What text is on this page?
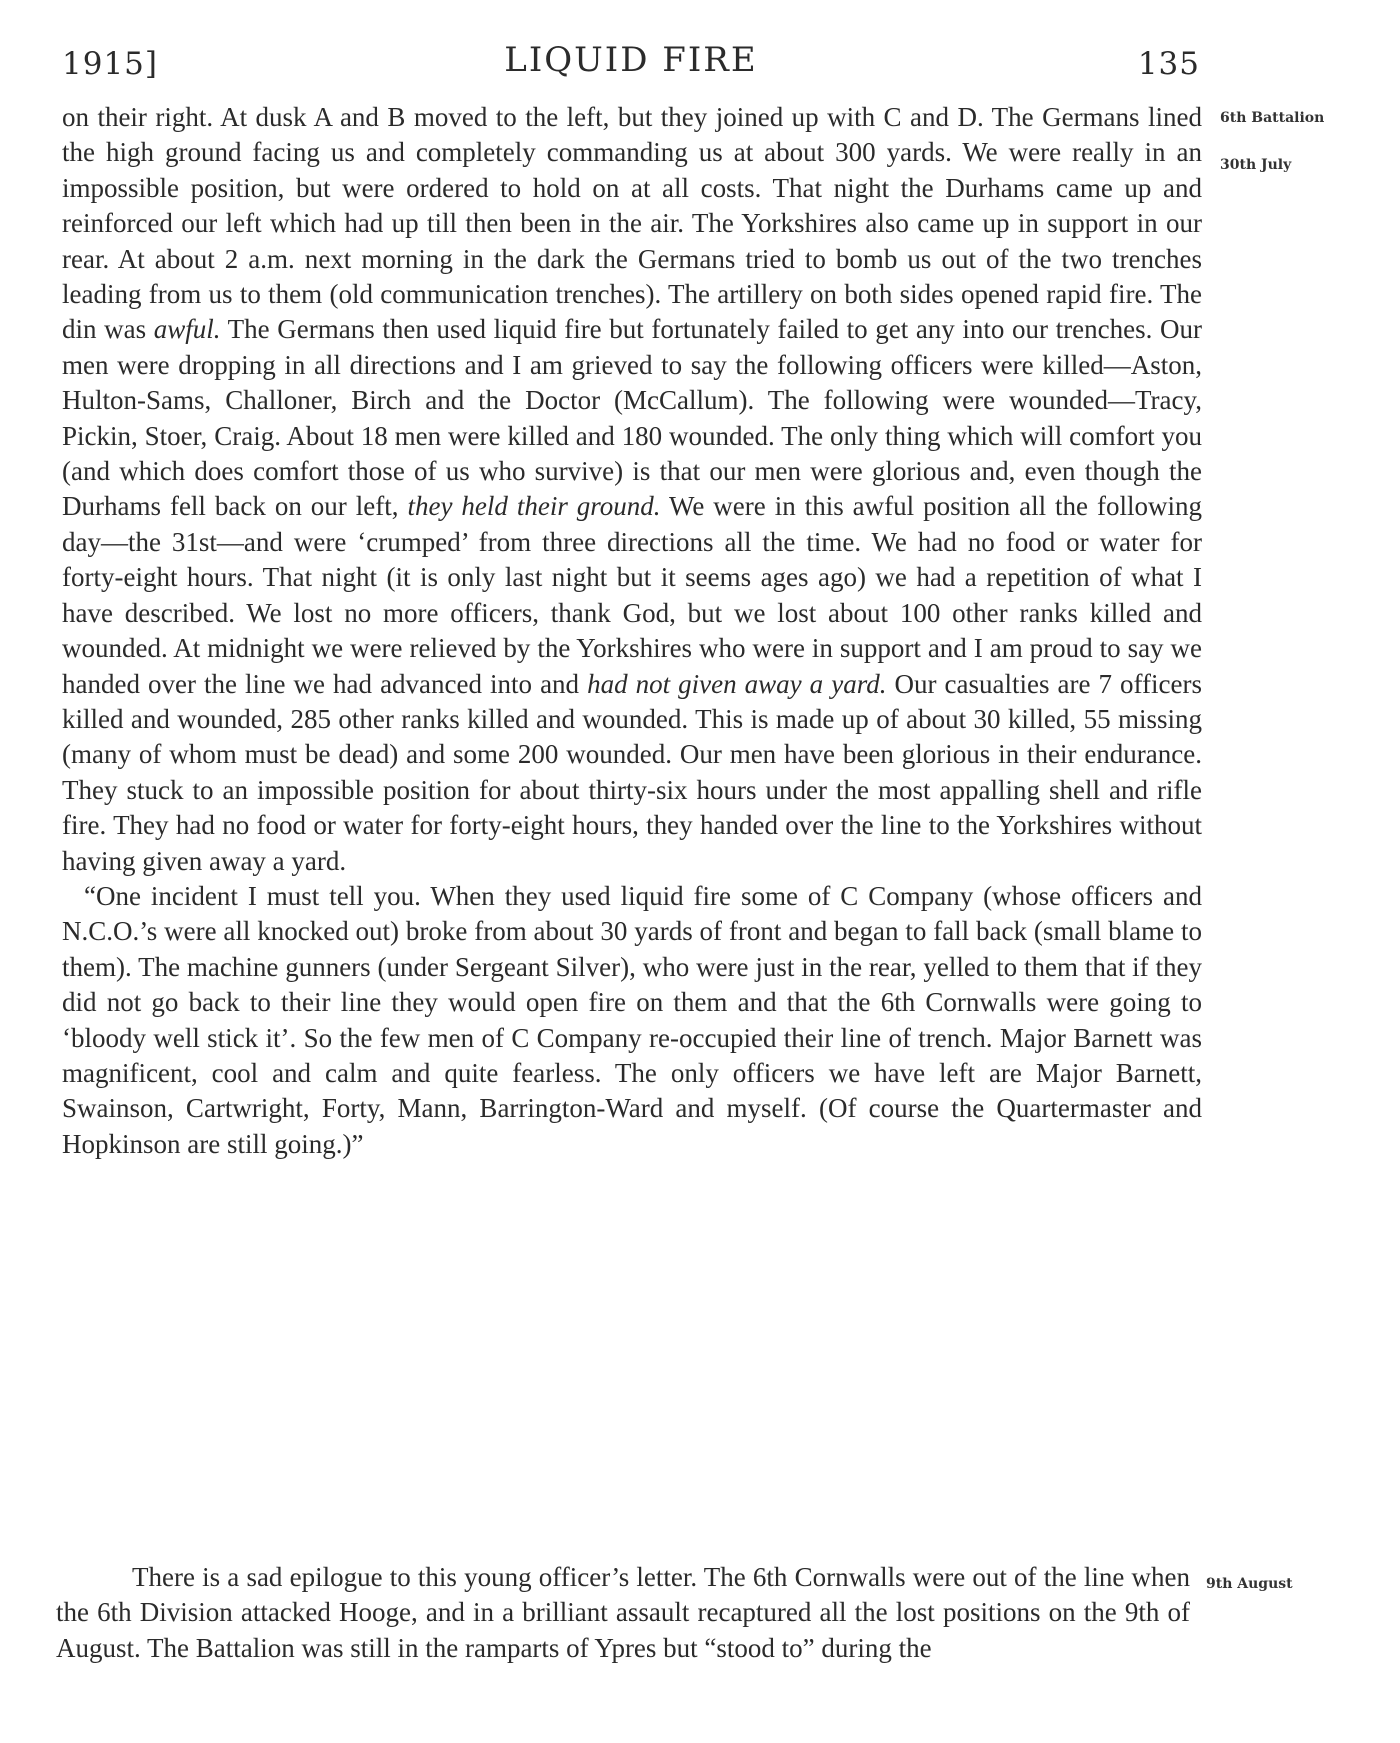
1915]	LIQUID FIRE	135
6th Battalion
30th July
9th August

on their right. At dusk A and B moved to the left, but they joined up with C and D. The Germans lined the high ground facing us and completely commanding us at about 300 yards. We were really in an impossible position, but were ordered to hold on at all costs. That night the Durhams came up and reinforced our left which had up till then been in the air. The Yorkshires also came up in support in our rear. At about 2 a.m. next morning in the dark the Germans tried to bomb us out of the two trenches leading from us to them (old communication trenches). The artillery on both sides opened rapid fire. The din was awful. The Germans then used liquid fire but fortunately failed to get any into our trenches. Our men were dropping in all directions and I am grieved to say the following officers were killed—Aston, Hulton-Sams, Challoner, Birch and the Doctor (McCallum). The following were wounded—Tracy, Pickin, Stoer, Craig. About 18 men were killed and 180 wounded. The only thing which will comfort you (and which does comfort those of us who survive) is that our men were glorious and, even though the Durhams fell back on our left, they held their ground. We were in this awful position all the following day—the 31st—and were ‘crumped’ from three directions all the time. We had no food or water for forty-eight hours. That night (it is only last night but it seems ages ago) we had a repetition of what I have described. We lost no more officers, thank God, but we lost about 100 other ranks killed and wounded. At midnight we were relieved by the Yorkshires who were in support and I am proud to say we handed over the line we had advanced into and had not given away a yard. Our casualties are 7 officers killed and wounded, 285 other ranks killed and wounded. This is made up of about 30 killed, 55 missing (many of whom must be dead) and some 200 wounded. Our men have been glorious in their endurance. They stuck to an impossible position for about thirty-six hours under the most appalling shell and rifle fire. They had no food or water for forty-eight hours, they handed over the line to the Yorkshires without having given away a yard.

“One incident I must tell you. When they used liquid fire some of C Company (whose officers and N.C.O.’s were all knocked out) broke from about 30 yards of front and began to fall back (small blame to them). The machine gunners (under Sergeant Silver), who were just in the rear, yelled to them that if they did not go back to their line they would open fire on them and that the 6th Cornwalls were going to ‘bloody well stick it’. So the few men of C Company re-occupied their line of trench. Major Barnett was magnificent, cool and calm and quite fearless. The only officers we have left are Major Barnett, Swainson, Cartwright, Forty, Mann, Barrington-Ward and myself. (Of course the Quartermaster and Hopkinson are still going.)”

There is a sad epilogue to this young officer’s letter. The 6th Cornwalls were out of the line when the 6th Division attacked Hooge, and in a brilliant assault recaptured all the lost positions on the 9th of August. The Battalion was still in the ramparts of Ypres but “stood to” during the
